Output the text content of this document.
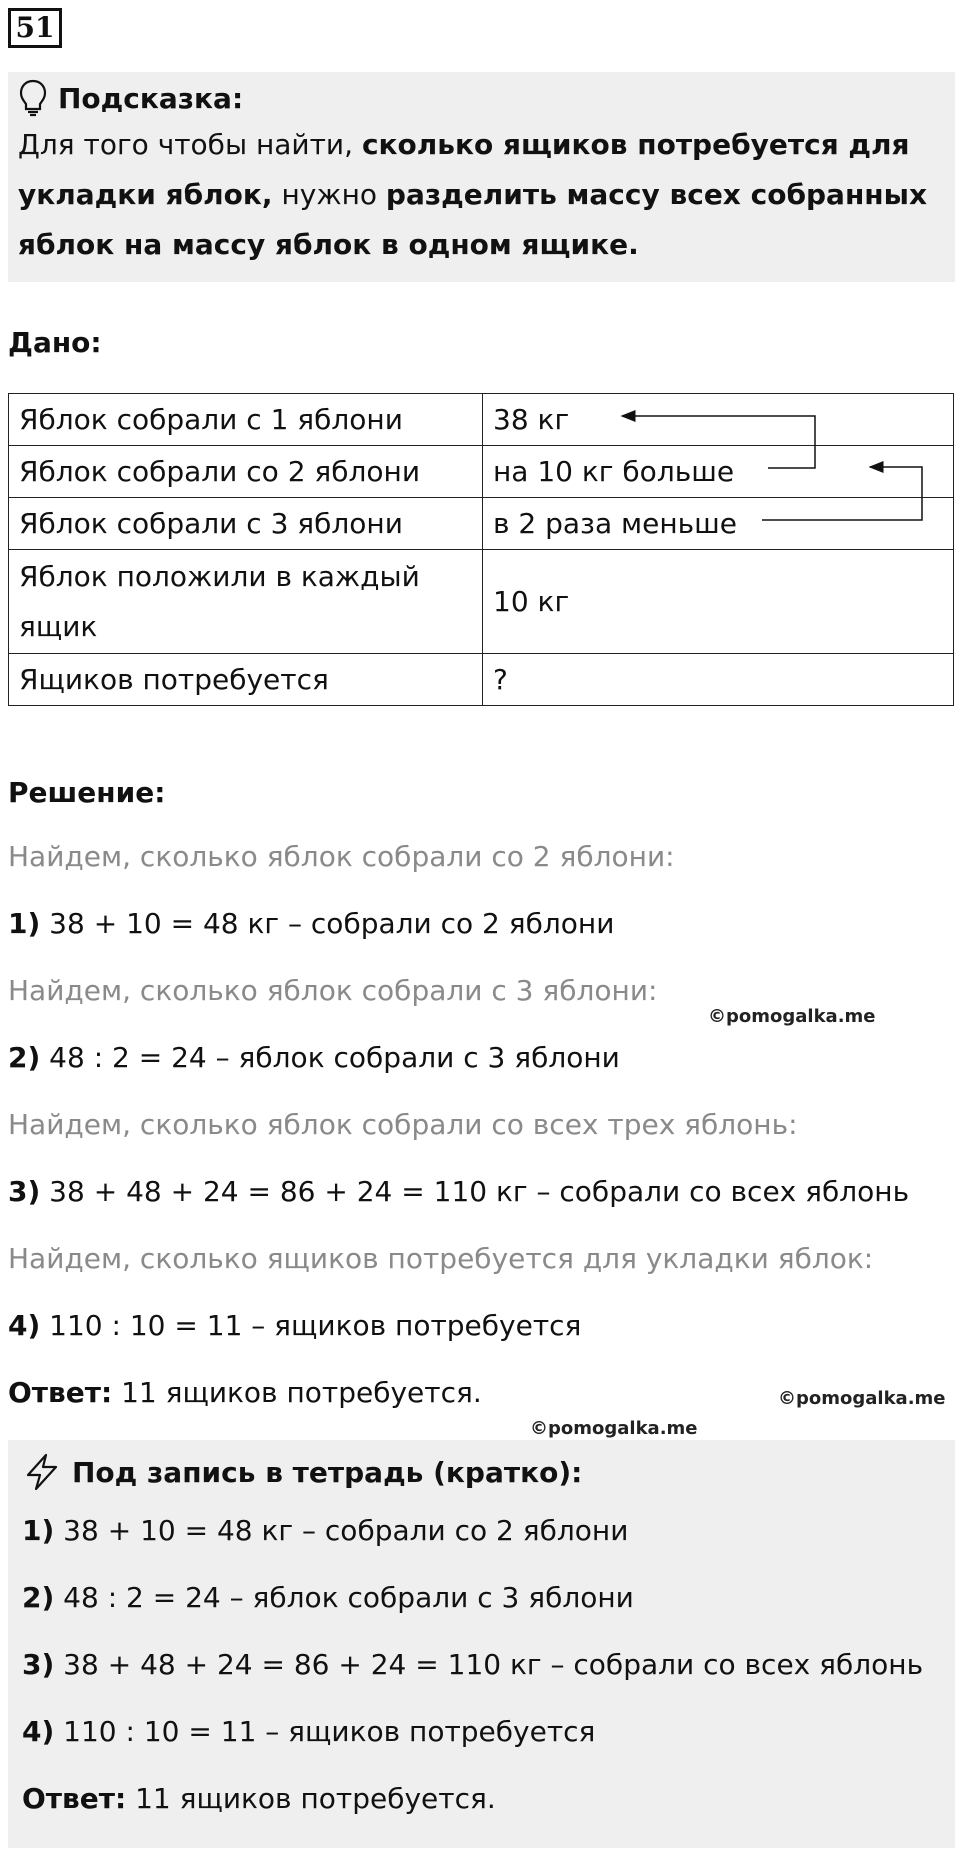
51
Подсказка:
Для того чтобы найти, сколько ящиков потребуется для укладки яблок, нужно разделить массу всех собранных яблок на массу яблок в одном ящике.
Дано:
Яблок собрали с 1 яблони	38 кг
Яблок собрали со 2 яблони	на 10 кг больше
Яблок собрали с 3 яблони	в 2 раза меньше
Яблок положили в каждый ящик	10 кг
Ящиков потребуется	?
Решение:
Найдем, сколько яблок собрали со 2 яблони:
1) 38 + 10 = 48 кг – собрали со 2 яблони
Найдем, сколько яблок собрали с 3 яблони:
2) 48 : 2 = 24 – яблок собрали с 3 яблони
Найдем, сколько яблок собрали со всех трех яблонь:
3) 38 + 48 + 24 = 86 + 24 = 110 кг – собрали со всех яблонь
Найдем, сколько ящиков потребуется для укладки яблок:
4) 110 : 10 = 11 – ящиков потребуется
Ответ: 11 ящиков потребуется.
©pomogalka.me
©pomogalka.me
©pomogalka.me
Под запись в тетрадь (кратко):
1) 38 + 10 = 48 кг – собрали со 2 яблони
2) 48 : 2 = 24 – яблок собрали с 3 яблони
3) 38 + 48 + 24 = 86 + 24 = 110 кг – собрали со всех яблонь
4) 110 : 10 = 11 – ящиков потребуется
Ответ: 11 ящиков потребуется.
